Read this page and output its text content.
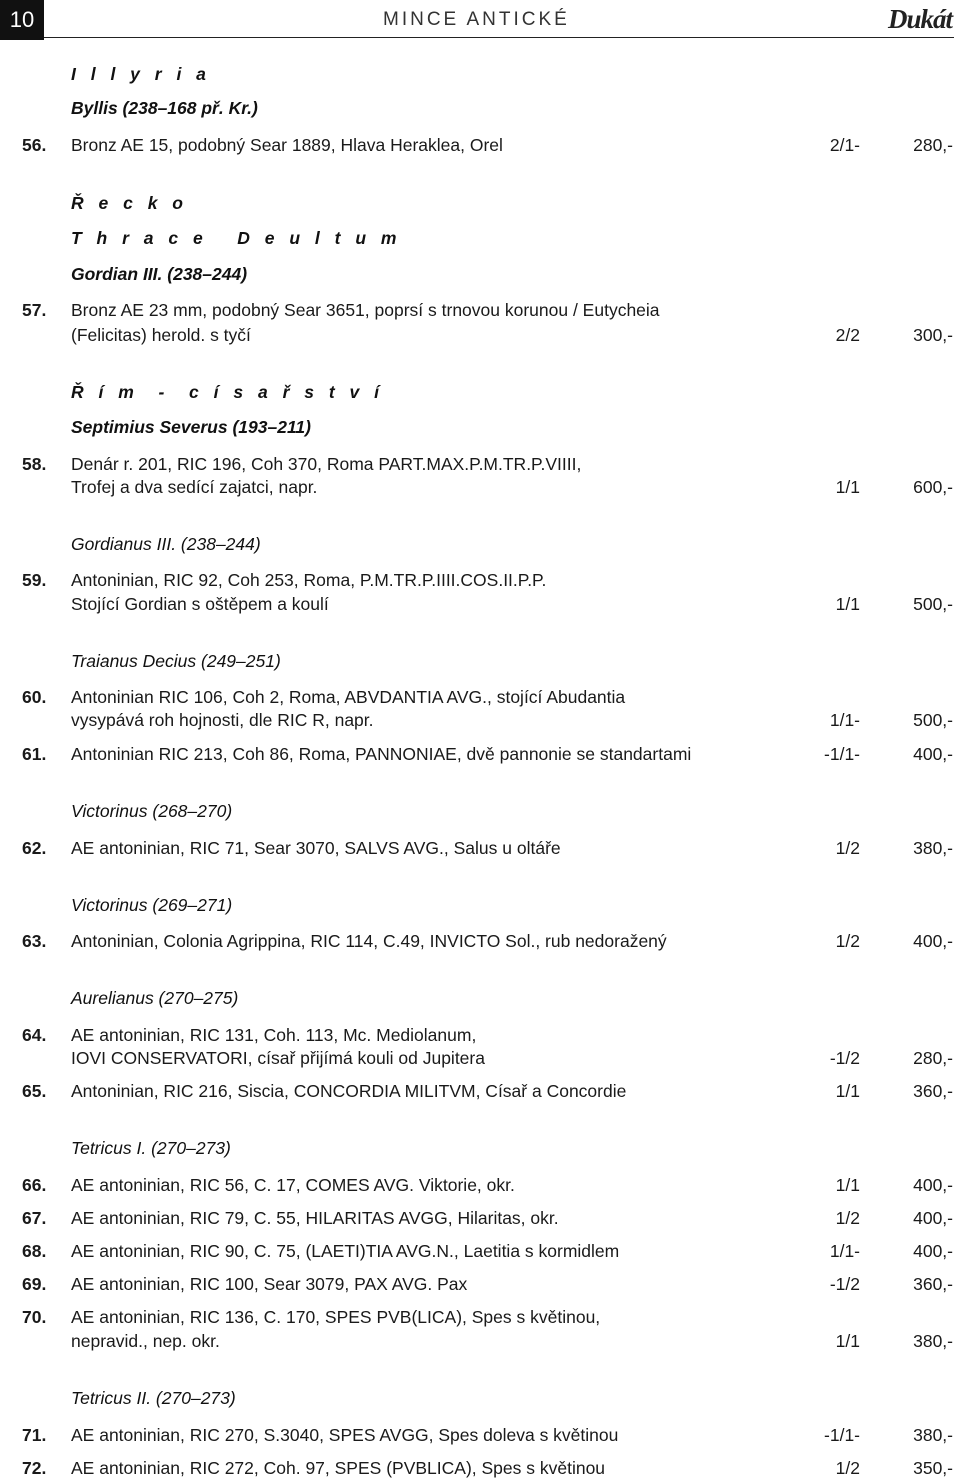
10	MINCE ANTICKÉ	Dukát
I l l y r i a
Byllis (238–168 př. Kr.)
56. Bronz AE 15, podobný Sear 1889, Hlava Heraklea, Orel	2/1-	280,-
Ř e c k o
T h r a c e   D e u l t u m
Gordian III. (238–244)
57. Bronz AE 23 mm, podobný Sear 3651, poprsí s trnovou korunou / Eutycheia
(Felicitas) herold. s tyčí	2/2	300,-
Ř í m  -  c í s a ř s t v í
Septimius Severus (193–211)
58. Denár r. 201, RIC 196, Coh 370, Roma PART.MAX.P.M.TR.P.VIIII,
Trofej a dva sedící zajatci, napr.	1/1	600,-
Gordianus III. (238–244)
59. Antoninian, RIC 92, Coh 253, Roma, P.M.TR.P.IIII.COS.II.P.P.
Stojící Gordian s oštěpem a koulí	1/1	500,-
Traianus Decius (249–251)
60. Antoninian RIC 106, Coh 2, Roma, ABVDANTIA AVG., stojící Abudantia
vysypává roh hojnosti, dle RIC R, napr.	1/1-	500,-
61. Antoninian RIC 213, Coh 86, Roma, PANNONIAE, dvě pannonie se standartami	-1/1-	400,-
Victorinus (268–270)
62. AE antoninian, RIC 71, Sear 3070, SALVS AVG., Salus u oltáře	1/2	380,-
Victorinus (269–271)
63. Antoninian, Colonia Agrippina, RIC 114, C.49, INVICTO Sol., rub nedoražený	1/2	400,-
Aurelianus (270–275)
64. AE antoninian, RIC 131, Coh. 113, Mc. Mediolanum,
IOVI CONSERVATORI, císař přijímá kouli od Jupitera	-1/2	280,-
65. Antoninian, RIC 216, Siscia, CONCORDIA MILITVM, Císař a Concordie	1/1	360,-
Tetricus I. (270–273)
66. AE antoninian, RIC 56, C. 17, COMES AVG. Viktorie, okr.	1/1	400,-
67. AE antoninian, RIC 79, C. 55, HILARITAS AVGG, Hilaritas, okr.	1/2	400,-
68. AE antoninian, RIC 90, C. 75, (LAETI)TIA AVG.N., Laetitia s kormidlem	1/1-	400,-
69. AE antoninian, RIC 100, Sear 3079, PAX AVG. Pax	-1/2	360,-
70. AE antoninian, RIC 136, C. 170, SPES PVB(LICA), Spes s květinou,
nepravid., nep. okr.	1/1	380,-
Tetricus II. (270–273)
71. AE antoninian, RIC 270, S.3040, SPES AVGG, Spes doleva s květinou	-1/1-	380,-
72. AE antoninian, RIC 272, Coh. 97, SPES (PVBLICA), Spes s květinou	1/2	350,-
